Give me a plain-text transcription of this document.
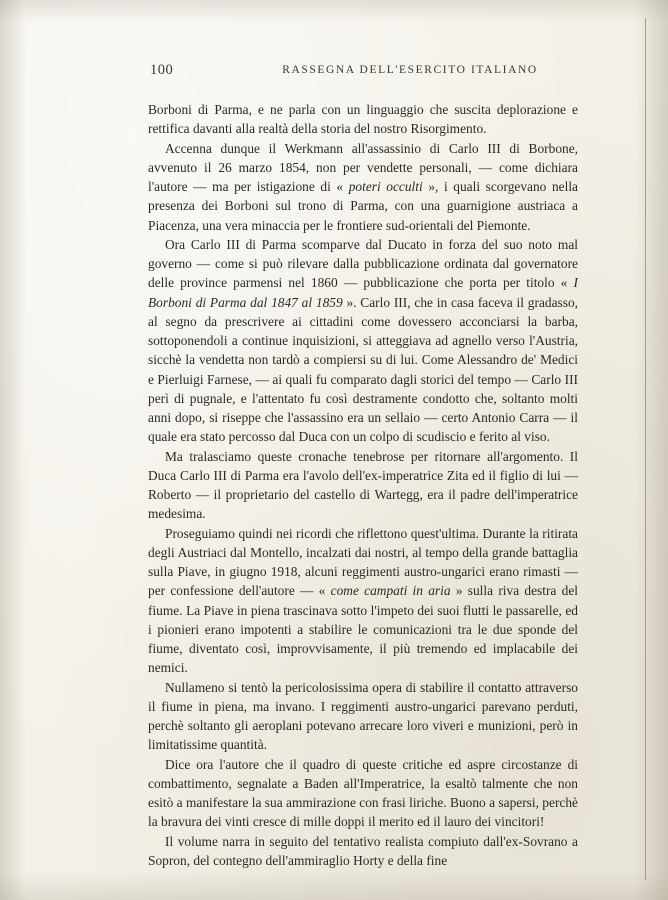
100	RASSEGNA DELL'ESERCITO ITALIANO

Borboni di Parma, e ne parla con un linguaggio che suscita deplorazione e rettifica davanti alla realtà della storia del nostro Risorgimento.

Accenna dunque il Werkmann all'assassinio di Carlo III di Borbone, avvenuto il 26 marzo 1854, non per vendette personali, — come dichiara l'autore — ma per istigazione di « poteri occulti », i quali scorgevano nella presenza dei Borboni sul trono di Parma, con una guarnigione austriaca a Piacenza, una vera minaccia per le frontiere sud-orientali del Piemonte.

Ora Carlo III di Parma scomparve dal Ducato in forza del suo noto mal governo — come si può rilevare dalla pubblicazione ordinata dal governatore delle province parmensi nel 1860 — pubblicazione che porta per titolo « I Borboni di Parma dal 1847 al 1859 ». Carlo III, che in casa faceva il gradasso, al segno da prescrivere ai cittadini come dovessero acconciarsi la barba, sottoponendoli a continue inquisizioni, si atteggiava ad agnello verso l'Austria, sicchè la vendetta non tardò a compiersi su di lui. Come Alessandro de' Medici e Pierluigi Farnese, — ai quali fu comparato dagli storici del tempo — Carlo III perì di pugnale, e l'attentato fu così destramente condotto che, soltanto molti anni dopo, si riseppe che l'assassino era un sellaio — certo Antonio Carra — il quale era stato percosso dal Duca con un colpo di scudiscio e ferito al viso.

Ma tralasciamo queste cronache tenebrose per ritornare all'argomento. Il Duca Carlo III di Parma era l'avolo dell'ex-imperatrice Zita ed il figlio di lui — Roberto — il proprietario del castello di Wartegg, era il padre dell'imperatrice medesima.

Proseguiamo quindi nei ricordi che riflettono quest'ultima. Durante la ritirata degli Austriaci dal Montello, incalzati dai nostri, al tempo della grande battaglia sulla Piave, in giugno 1918, alcuni reggimenti austro-ungarici erano rimasti — per confessione dell'autore — « come campati in aria » sulla riva destra del fiume. La Piave in piena trascinava sotto l'impeto dei suoi flutti le passarelle, ed i pionieri erano impotenti a stabilire le comunicazioni tra le due sponde del fiume, diventato così, improvvisamente, il più tremendo ed implacabile dei nemici.

Nullameno si tentò la pericolosissima opera di stabilire il contatto attraverso il fiume in piena, ma invano. I reggimenti austro-ungarici parevano perduti, perchè soltanto gli aeroplani potevano arrecare loro viveri e munizioni, però in limitatissime quantità.

Dice ora l'autore che il quadro di queste critiche ed aspre circostanze di combattimento, segnalate a Baden all'Imperatrice, la esaltò talmente che non esitò a manifestare la sua ammirazione con frasi liriche. Buono a sapersi, perchè la bravura dei vinti cresce di mille doppi il merito ed il lauro dei vincitori!

Il volume narra in seguito del tentativo realista compiuto dall'ex-Sovrano a Sopron, del contegno dell'ammiraglio Horty e della fine
